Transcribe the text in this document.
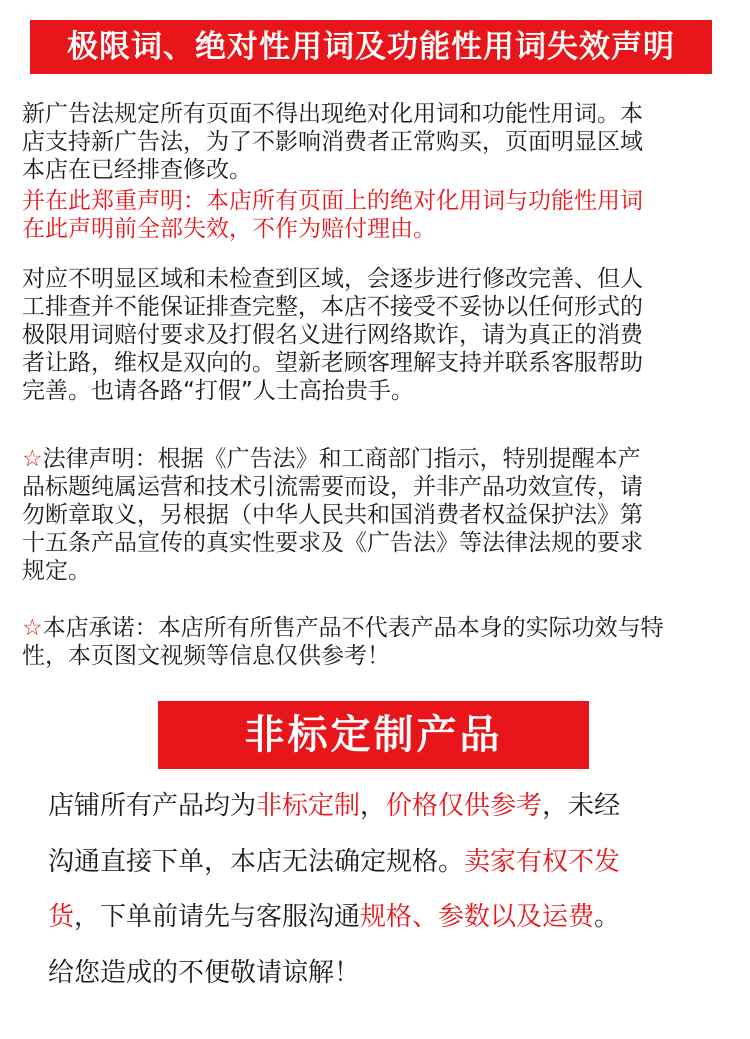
极限词、绝对性用词及功能性用词失效声明
新广告法规定所有页面不得出现绝对化用词和功能性用词。本
店支持新广告法，为了不影响消费者正常购买，页面明显区域
本店在已经排查修改。
并在此郑重声明：本店所有页面上的绝对化用词与功能性用词
在此声明前全部失效，不作为赔付理由。
对应不明显区域和未检查到区域，会逐步进行修改完善、但人
工排查并不能保证排查完整，本店不接受不妥协以任何形式的
极限用词赔付要求及打假名义进行网络欺诈，请为真正的消费
者让路，维权是双向的。望新老顾客理解支持并联系客服帮助
完善。也请各路“打假”人士高抬贵手。
☆法律声明：根据《广告法》和工商部门指示，特别提醒本产
品标题纯属运营和技术引流需要而设，并非产品功效宣传，请
勿断章取义，另根据（中华人民共和国消费者权益保护法》第
十五条产品宣传的真实性要求及《广告法》等法律法规的要求
规定。
☆本店承诺：本店所有所售产品不代表产品本身的实际功效与特
性，本页图文视频等信息仅供参考！
非标定制产品
店铺所有产品均为非标定制，价格仅供参考，未经
沟通直接下单，本店无法确定规格。卖家有权不发
货，下单前请先与客服沟通规格、参数以及运费。
给您造成的不便敬请谅解！
